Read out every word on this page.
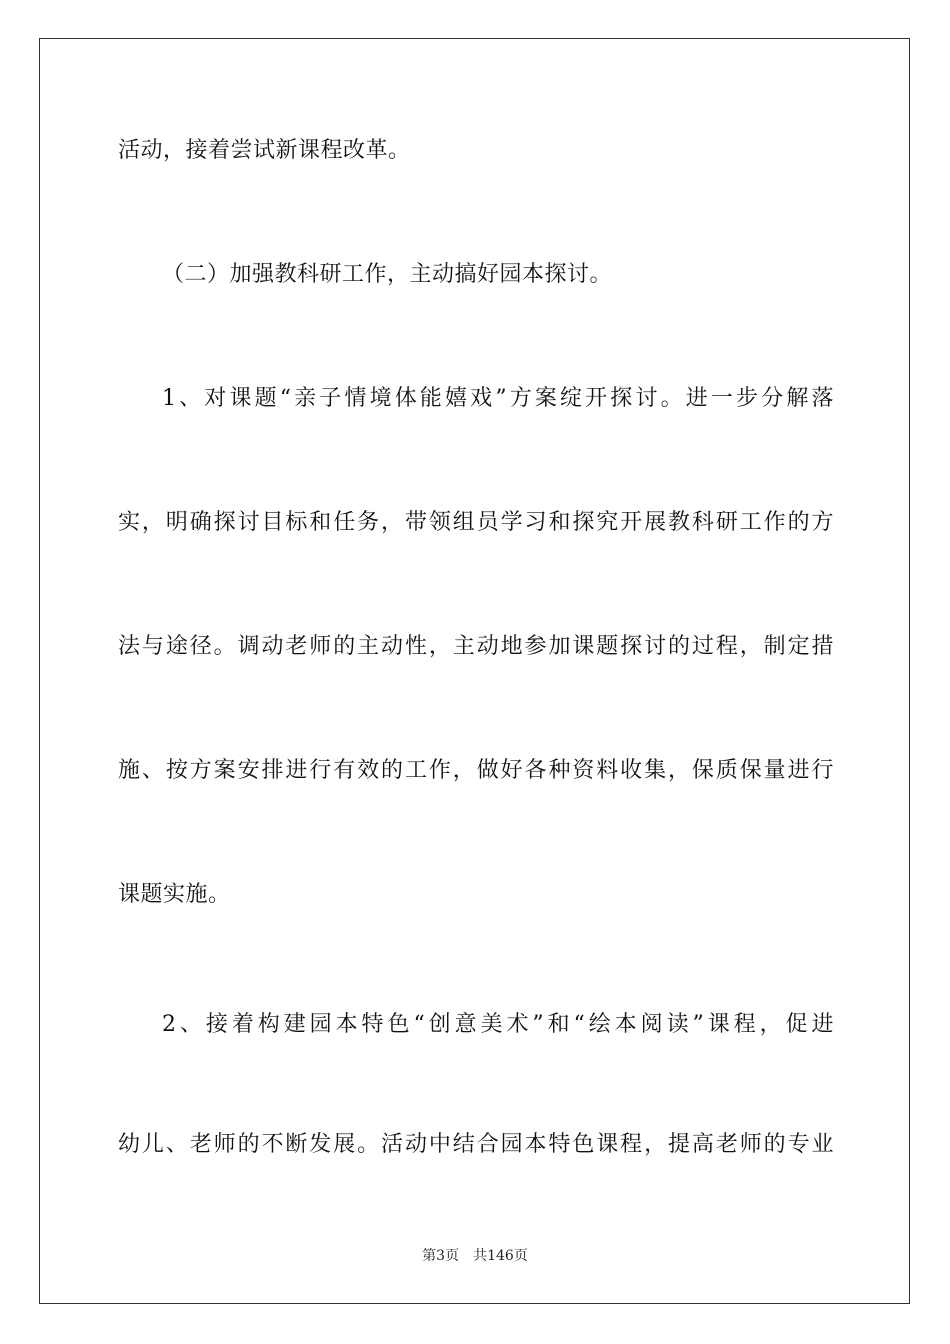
活动，接着尝试新课程改革。
（二）加强教科研工作，主动搞好园本探讨。
1、对课题“亲子情境体能嬉戏”方案绽开探讨。进一步分解落
实，明确探讨目标和任务，带领组员学习和探究开展教科研工作的方
法与途径。调动老师的主动性，主动地参加课题探讨的过程，制定措
施、按方案安排进行有效的工作，做好各种资料收集，保质保量进行
课题实施。
2、接着构建园本特色“创意美术”和“绘本阅读”课程，促进
幼儿、老师的不断发展。活动中结合园本特色课程，提高老师的专业
第3页 共146页
